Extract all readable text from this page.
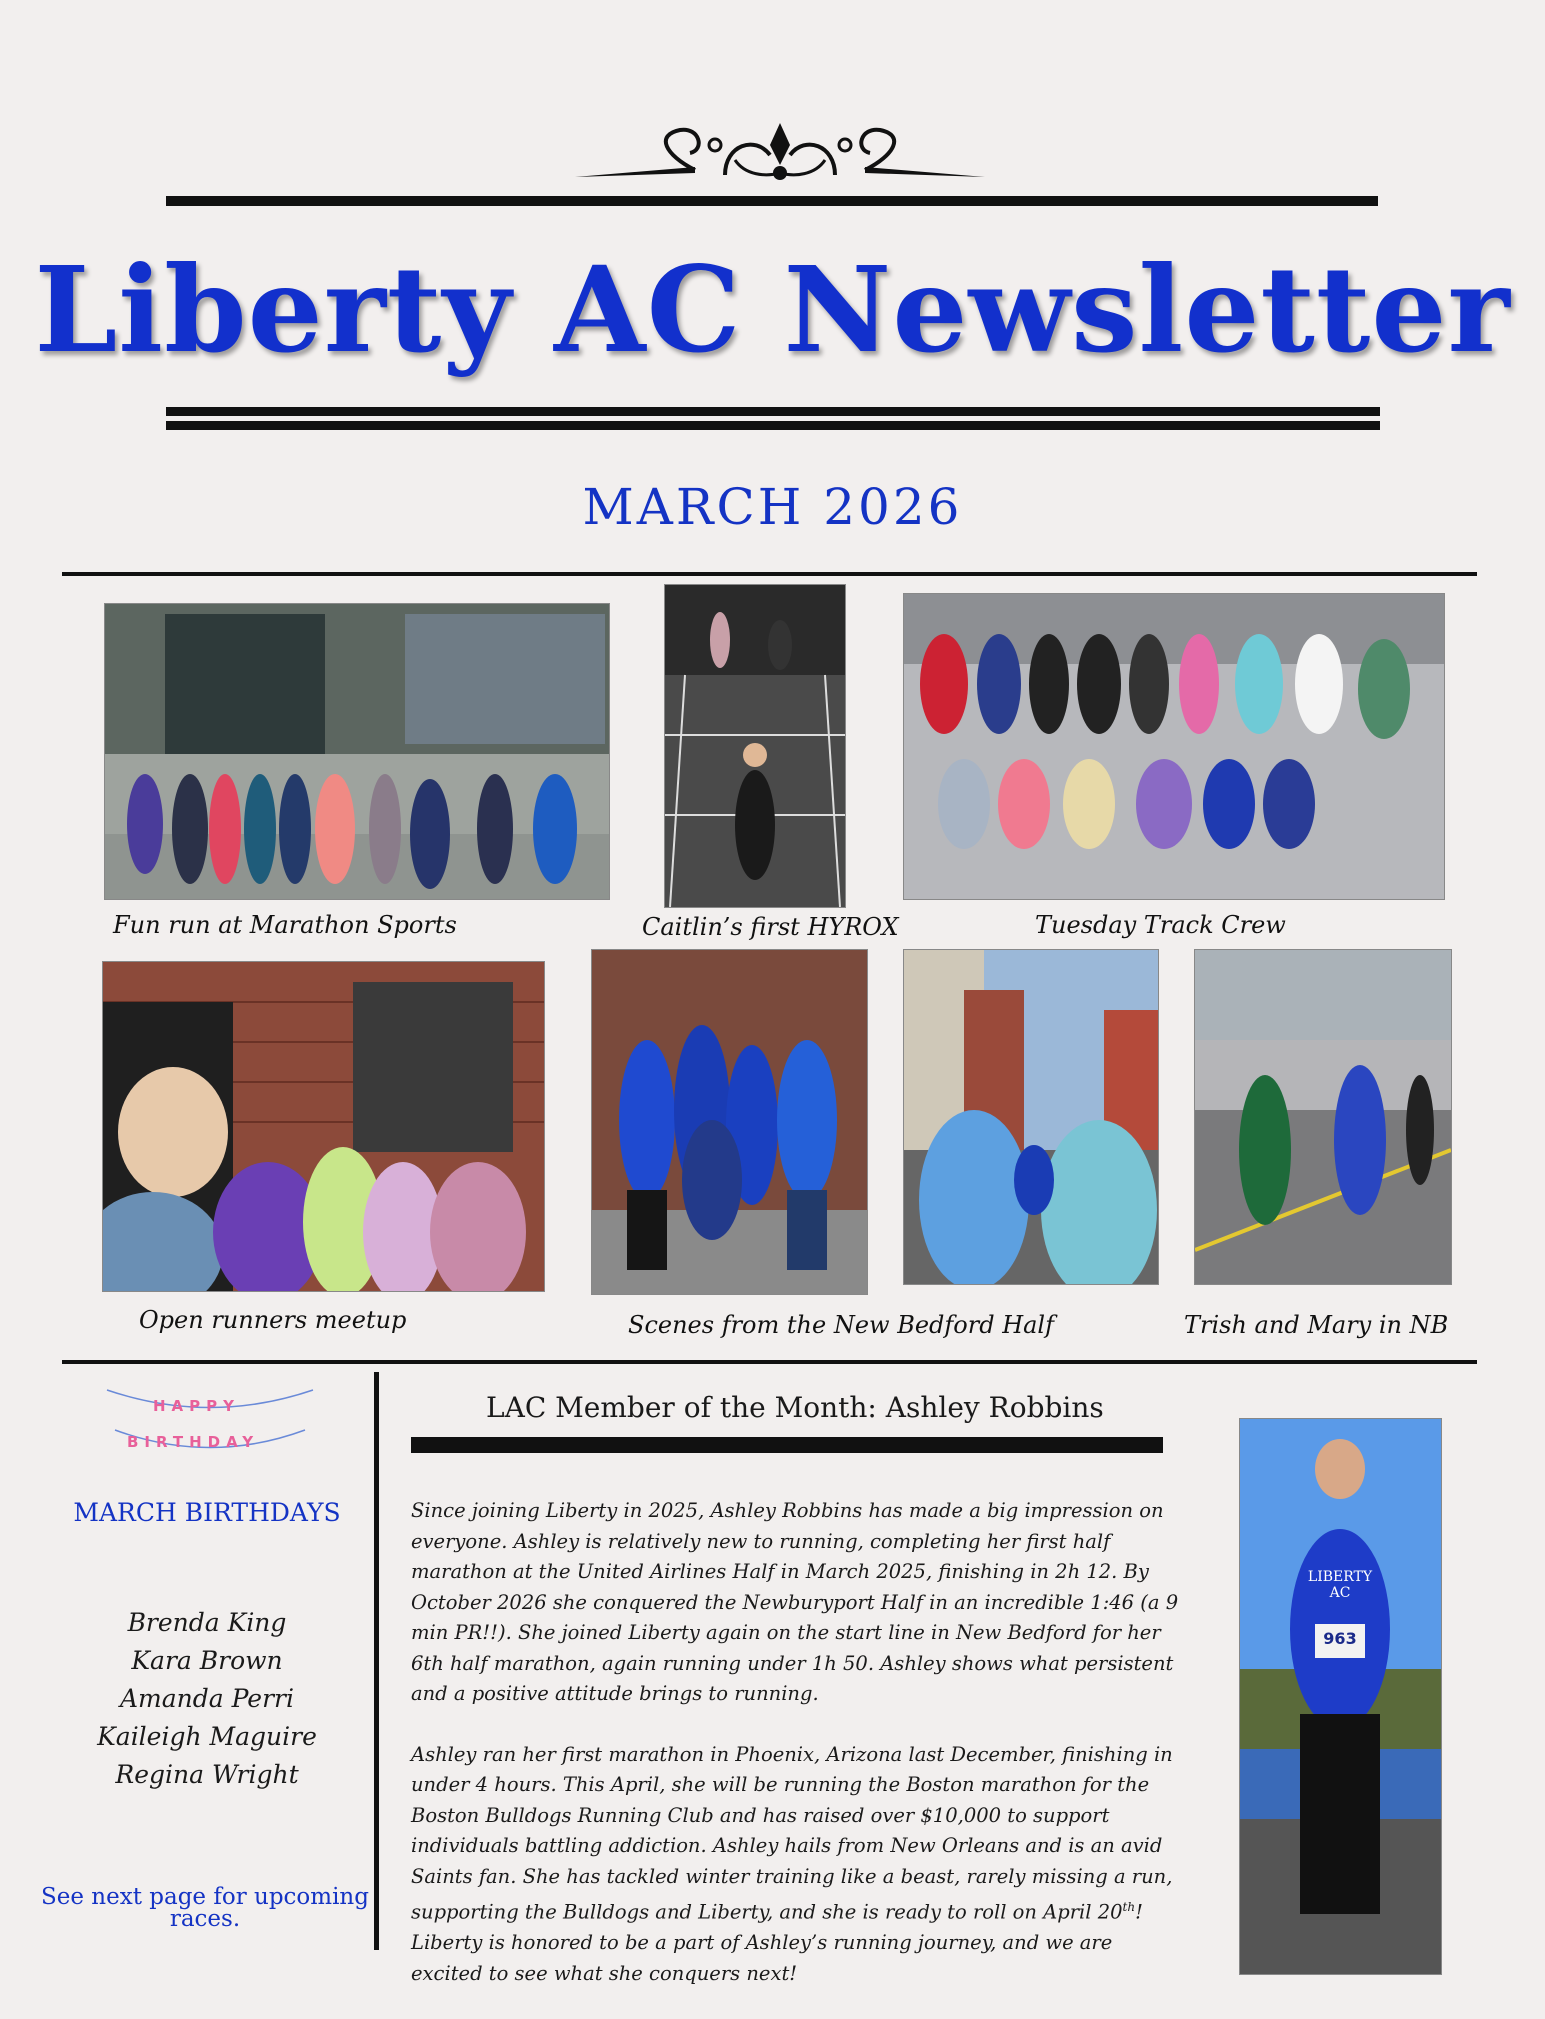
Liberty AC Newsletter
MARCH 2026
Fun run at Marathon Sports	Caitlin’s first HYROX	Tuesday Track Crew
Open runners meetup	Scenes from the New Bedford Half	Trish and Mary in NB
HAPPY
BIRTHDAY
MARCH BIRTHDAYS
Brenda King
Kara Brown
Amanda Perri
Kaileigh Maguire
Regina Wright
See next page for upcoming races.
LAC Member of the Month: Ashley Robbins

Since joining Liberty in 2025, Ashley Robbins has made a big impression on everyone. Ashley is relatively new to running, completing her first half marathon at the United Airlines Half in March 2025, finishing in 2h 12. By October 2026 she conquered the Newburyport Half in an incredible 1:46 (a 9 min PR!!). She joined Liberty again on the start line in New Bedford for her 6th half marathon, again running under 1h 50. Ashley shows what persistent and a positive attitude brings to running.

Ashley ran her first marathon in Phoenix, Arizona last December, finishing in under 4 hours. This April, she will be running the Boston marathon for the Boston Bulldogs Running Club and has raised over $10,000 to support individuals battling addiction. Ashley hails from New Orleans and is an avid Saints fan. She has tackled winter training like a beast, rarely missing a run, supporting the Bulldogs and Liberty, and she is ready to roll on April 20th! Liberty is honored to be a part of Ashley’s running journey, and we are excited to see what she conquers next!

963
LIBERTY AC
